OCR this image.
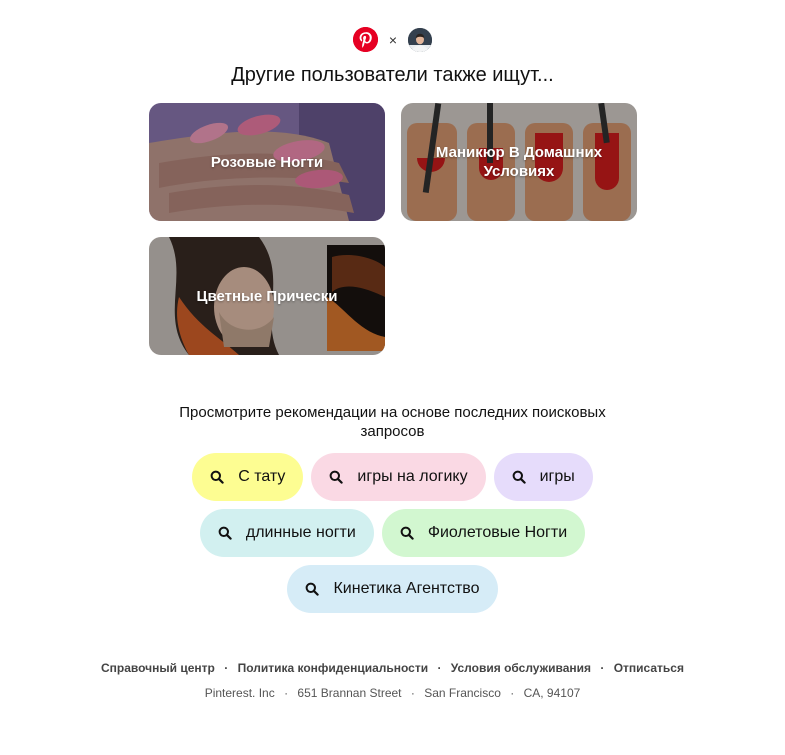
×
Другие пользователи также ищут...
Розовые Ногти
Маникюр В Домашних Условиях
Цветные Прически
Просмотрите рекомендации на основе последних поисковых запросов
С тату	игры на логику	игры
длинные ногти	Фиолетовые Ногти
Кинетика Агентство
Справочный центр · Политика конфиденциальности · Условия обслуживания · Отписаться
Pinterest. Inc · 651 Brannan Street · San Francisco · CA, 94107
